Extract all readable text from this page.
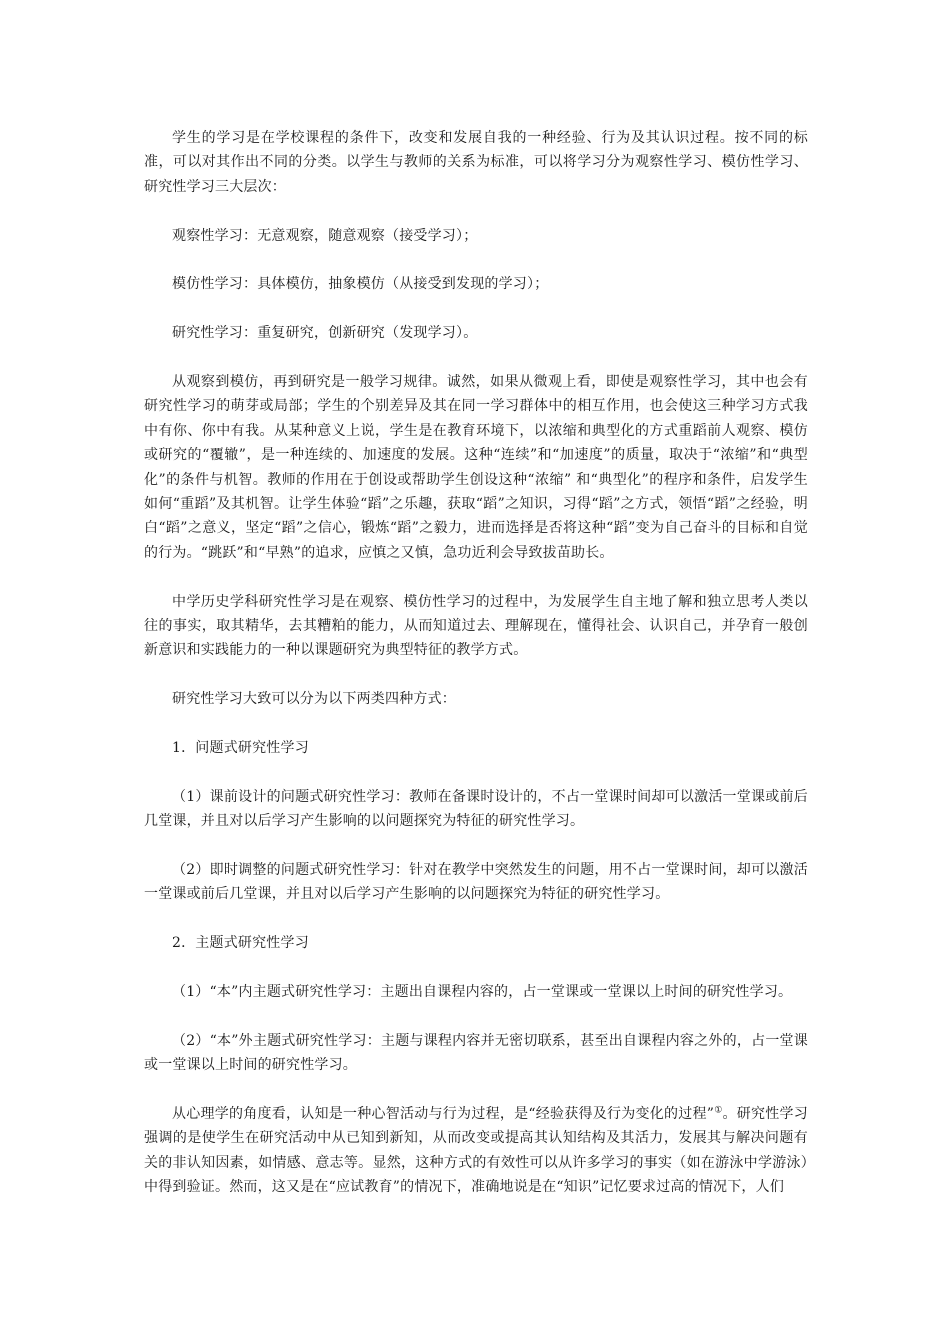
学生的学习是在学校课程的条件下，改变和发展自我的一种经验、行为及其认识过程。按不同的标准，可以对其作出不同的分类。以学生与教师的关系为标准，可以将学习分为观察性学习、模仿性学习、研究性学习三大层次：

观察性学习：无意观察，随意观察（接受学习）；

模仿性学习：具体模仿，抽象模仿（从接受到发现的学习）；

研究性学习：重复研究，创新研究（发现学习）。

从观察到模仿，再到研究是一般学习规律。诚然，如果从微观上看，即使是观察性学习，其中也会有研究性学习的萌芽或局部；学生的个别差异及其在同一学习群体中的相互作用，也会使这三种学习方式我中有你、你中有我。从某种意义上说，学生是在教育环境下，以浓缩和典型化的方式重蹈前人观察、模仿或研究的“覆辙”，是一种连续的、加速度的发展。这种“连续”和“加速度”的质量，取决于“浓缩”和“典型化”的条件与机智。教师的作用在于创设或帮助学生创设这种“浓缩” 和“典型化”的程序和条件，启发学生如何“重蹈”及其机智。让学生体验“蹈”之乐趣，获取“蹈”之知识，习得“蹈”之方式，领悟“蹈”之经验，明白“蹈”之意义，坚定“蹈”之信心，锻炼“蹈”之毅力，进而选择是否将这种“蹈”变为自己奋斗的目标和自觉的行为。“跳跃”和“早熟”的追求，应慎之又慎，急功近利会导致拔苗助长。

中学历史学科研究性学习是在观察、模仿性学习的过程中，为发展学生自主地了解和独立思考人类以往的事实，取其精华，去其糟粕的能力，从而知道过去、理解现在，懂得社会、认识自己，并孕育一般创新意识和实践能力的一种以课题研究为典型特征的教学方式。

研究性学习大致可以分为以下两类四种方式：

1．问题式研究性学习

（1）课前设计的问题式研究性学习：教师在备课时设计的，不占一堂课时间却可以激活一堂课或前后几堂课，并且对以后学习产生影响的以问题探究为特征的研究性学习。

（2）即时调整的问题式研究性学习：针对在教学中突然发生的问题，用不占一堂课时间，却可以激活一堂课或前后几堂课，并且对以后学习产生影响的以问题探究为特征的研究性学习。

2．主题式研究性学习

（1）“本”内主题式研究性学习：主题出自课程内容的，占一堂课或一堂课以上时间的研究性学习。

（2）“本”外主题式研究性学习：主题与课程内容并无密切联系，甚至出自课程内容之外的，占一堂课或一堂课以上时间的研究性学习。

从心理学的角度看，认知是一种心智活动与行为过程，是“经验获得及行为变化的过程”①。研究性学习强调的是使学生在研究活动中从已知到新知，从而改变或提高其认知结构及其活力，发展其与解决问题有关的非认知因素，如情感、意志等。显然，这种方式的有效性可以从许多学习的事实（如在游泳中学游泳）中得到验证。然而，这又是在“应试教育”的情况下，准确地说是在“知识”记忆要求过高的情况下，人们
